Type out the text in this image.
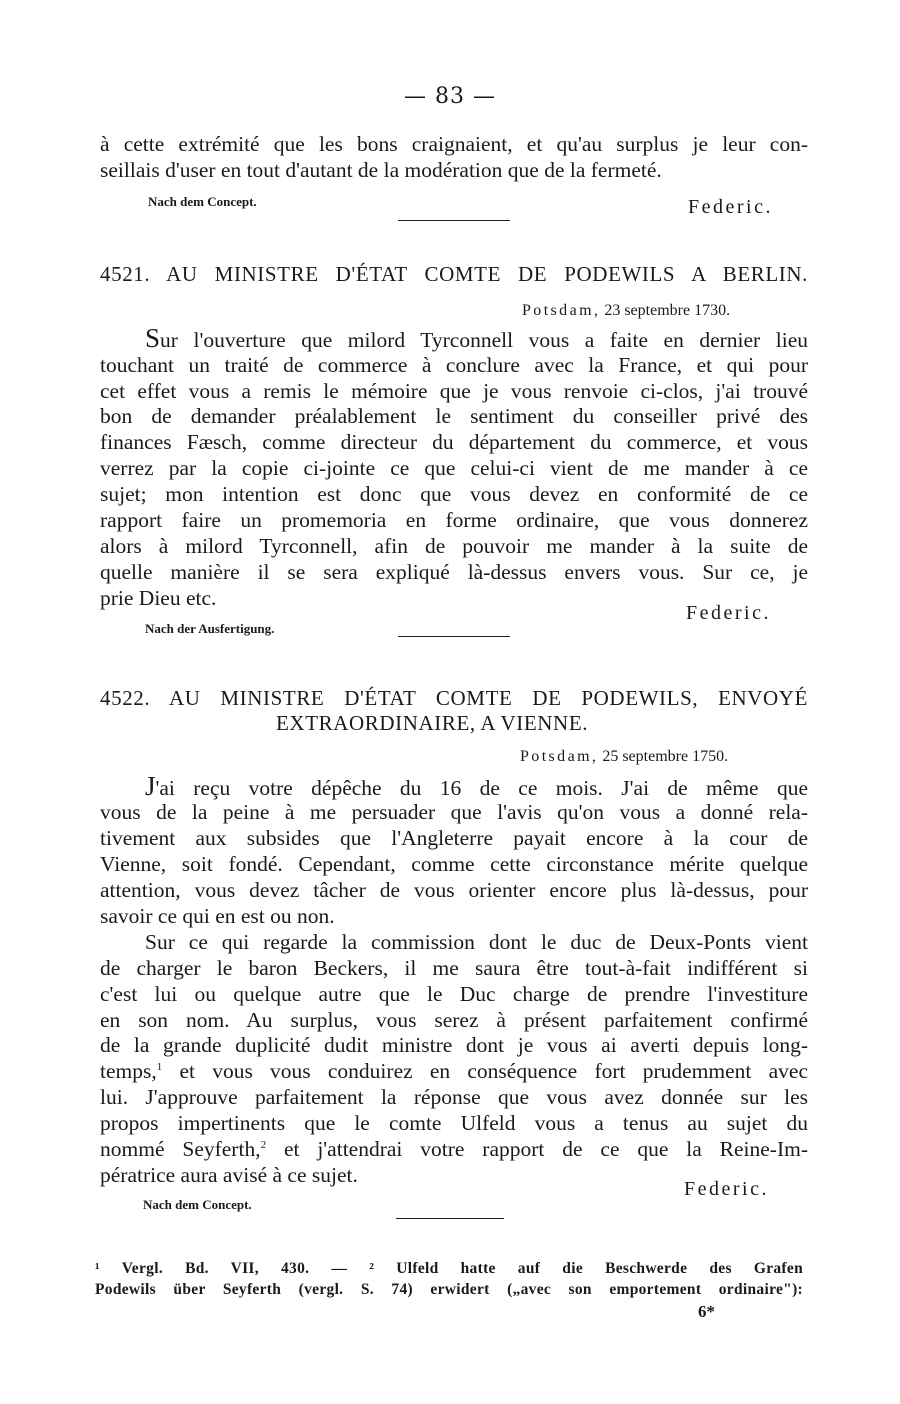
— 83 —
à cette extrémité que les bons craignaient, et qu'au surplus je leur con-
seillais d'user en tout d'autant de la modération que de la fermeté.
Nach dem Concept.	Federic.
4521. AU MINISTRE D'ÉTAT COMTE DE PODEWILS A BERLIN.
Potsdam, 23 septembre 1730.
Sur l'ouverture que milord Tyrconnell vous a faite en dernier lieu
touchant un traité de commerce à conclure avec la France, et qui pour
cet effet vous a remis le mémoire que je vous renvoie ci-clos, j'ai trouvé
bon de demander préalablement le sentiment du conseiller privé des
finances Fæsch, comme directeur du département du commerce, et vous
verrez par la copie ci-jointe ce que celui-ci vient de me mander à ce
sujet; mon intention est donc que vous devez en conformité de ce
rapport faire un promemoria en forme ordinaire, que vous donnerez
alors à milord Tyrconnell, afin de pouvoir me mander à la suite de
quelle manière il se sera expliqué là-dessus envers vous. Sur ce, je
prie Dieu etc.
Federic.
Nach der Ausfertigung.
4522. AU MINISTRE D'ÉTAT COMTE DE PODEWILS, ENVOYÉ
EXTRAORDINAIRE, A VIENNE.
Potsdam, 25 septembre 1750.
J'ai reçu votre dépêche du 16 de ce mois. J'ai de même que
vous de la peine à me persuader que l'avis qu'on vous a donné rela-
tivement aux subsides que l'Angleterre payait encore à la cour de
Vienne, soit fondé. Cependant, comme cette circonstance mérite quelque
attention, vous devez tâcher de vous orienter encore plus là-dessus, pour
savoir ce qui en est ou non.
Sur ce qui regarde la commission dont le duc de Deux-Ponts vient
de charger le baron Beckers, il me saura être tout-à-fait indifférent si
c'est lui ou quelque autre que le Duc charge de prendre l'investiture
en son nom. Au surplus, vous serez à présent parfaitement confirmé
de la grande duplicité dudit ministre dont je vous ai averti depuis long-
temps,$^1$ et vous vous conduirez en conséquence fort prudemment avec
lui. J'approuve parfaitement la réponse que vous avez donnée sur les
propos impertinents que le comte Ulfeld vous a tenus au sujet du
nommé Seyferth,$^2$ et j'attendrai votre rapport de ce que la Reine-Im-
pératrice aura avisé à ce sujet.
Federic.
Nach dem Concept.
¹ Vergl. Bd. VII, 430. — ² Ulfeld hatte auf die Beschwerde des Grafen
Podewils über Seyferth (vergl. S. 74) erwidert („avec son emportement ordinaire"):
6*
